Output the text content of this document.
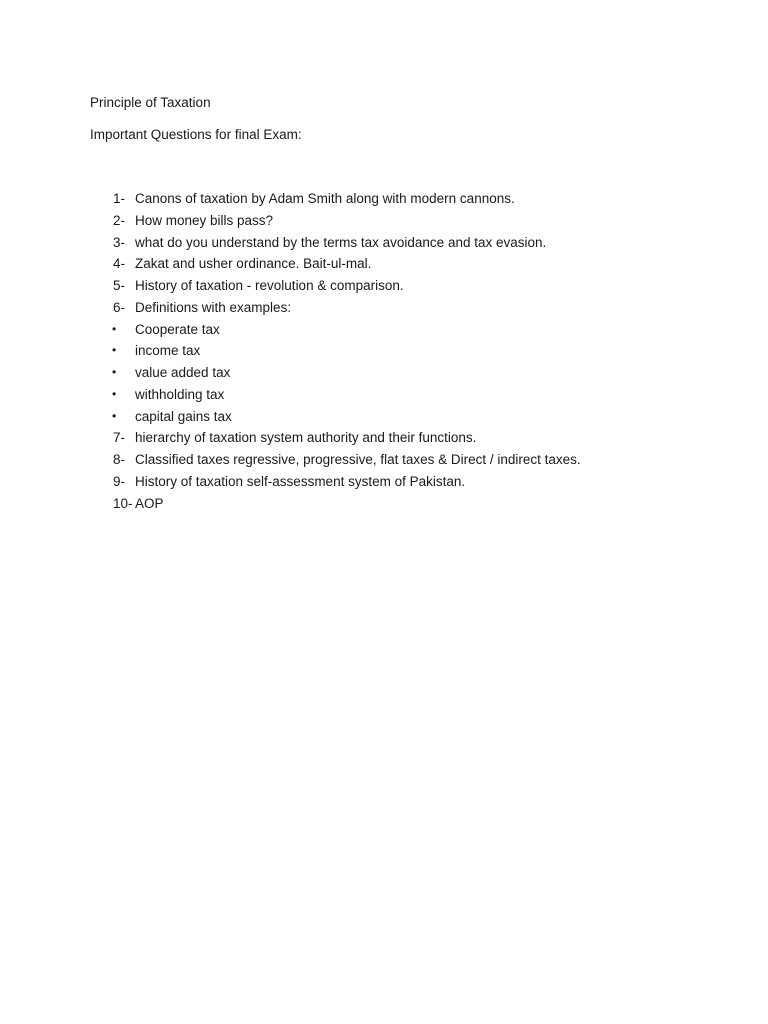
Principle of Taxation
Important Questions for final Exam:
1- Canons of taxation by Adam Smith along with modern cannons.
2- How money bills pass?
3- what do you understand by the terms tax avoidance and tax evasion.
4- Zakat and usher ordinance. Bait-ul-mal.
5- History of taxation - revolution & comparison.
6- Definitions with examples:
• Cooperate tax
• income tax
• value added tax
• withholding tax
• capital gains tax
7- hierarchy of taxation system authority and their functions.
8- Classified taxes regressive, progressive, flat taxes & Direct / indirect taxes.
9- History of taxation self-assessment system of Pakistan.
10- AOP
